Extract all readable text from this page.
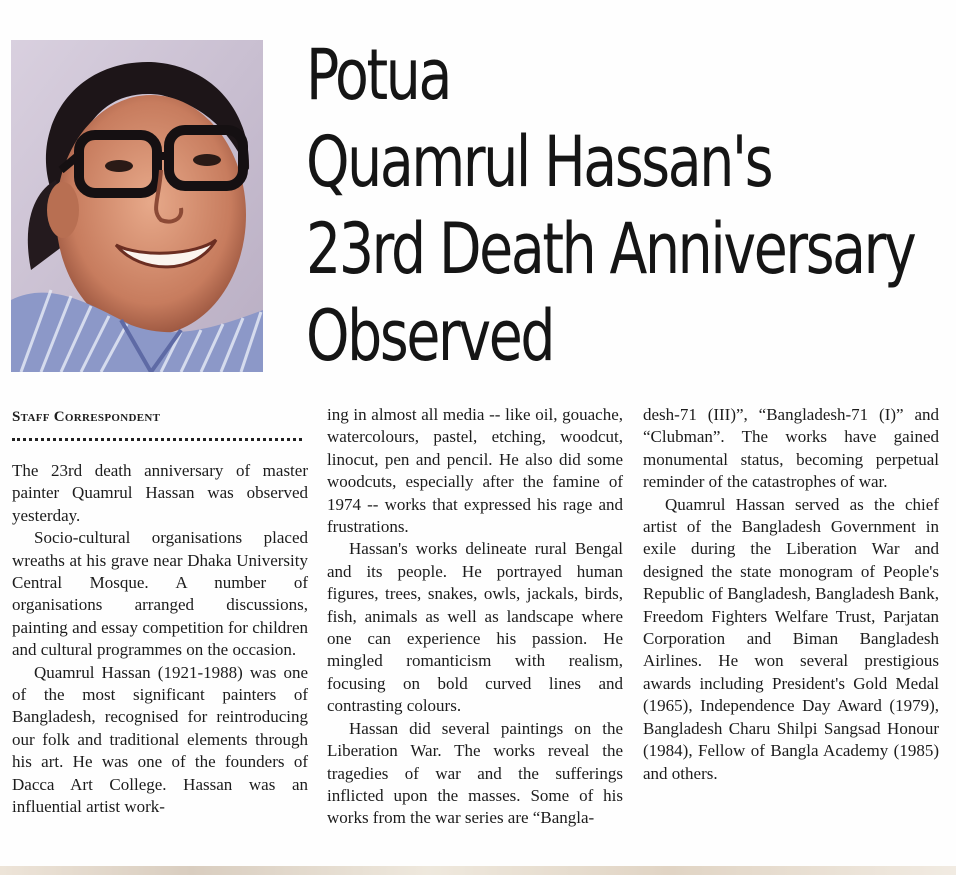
Potua
Quamrul Hassan's
23rd Death Anniversary
Observed
Staff Correspondent

The 23rd death anniversary of master painter Quamrul Hassan was observed yesterday.

Socio-cultural organisations placed wreaths at his grave near Dhaka University Central Mosque. A number of organisations arranged discussions, painting and essay competition for children and cultural programmes on the occasion.

Quamrul Hassan (1921-1988) was one of the most significant painters of Bangladesh, recognised for reintroducing our folk and traditional elements through his art. He was one of the founders of Dacca Art College. Hassan was an influential artist work-

ing in almost all media -- like oil, gouache, watercolours, pastel, etching, woodcut, linocut, pen and pencil. He also did some woodcuts, especially after the famine of 1974 -- works that expressed his rage and frustrations.

Hassan's works delineate rural Bengal and its people. He portrayed human figures, trees, snakes, owls, jackals, birds, fish, animals as well as landscape where one can experience his passion. He mingled romanticism with realism, focusing on bold curved lines and contrasting colours.

Hassan did several paintings on the Liberation War. The works reveal the tragedies of war and the sufferings inflicted upon the masses. Some of his works from the war series are “Bangla-

desh-71 (III)”, “Bangladesh-71 (I)” and “Clubman”. The works have gained monumental status, becoming perpetual reminder of the catastrophes of war.

Quamrul Hassan served as the chief artist of the Bangladesh Government in exile during the Liberation War and designed the state monogram of People's Republic of Bangladesh, Bangladesh Bank, Freedom Fighters Welfare Trust, Parjatan Corporation and Biman Bangladesh Airlines. He won several prestigious awards including President's Gold Medal (1965), Independence Day Award (1979), Bangladesh Charu Shilpi Sangsad Honour (1984), Fellow of Bangla Academy (1985) and others.
